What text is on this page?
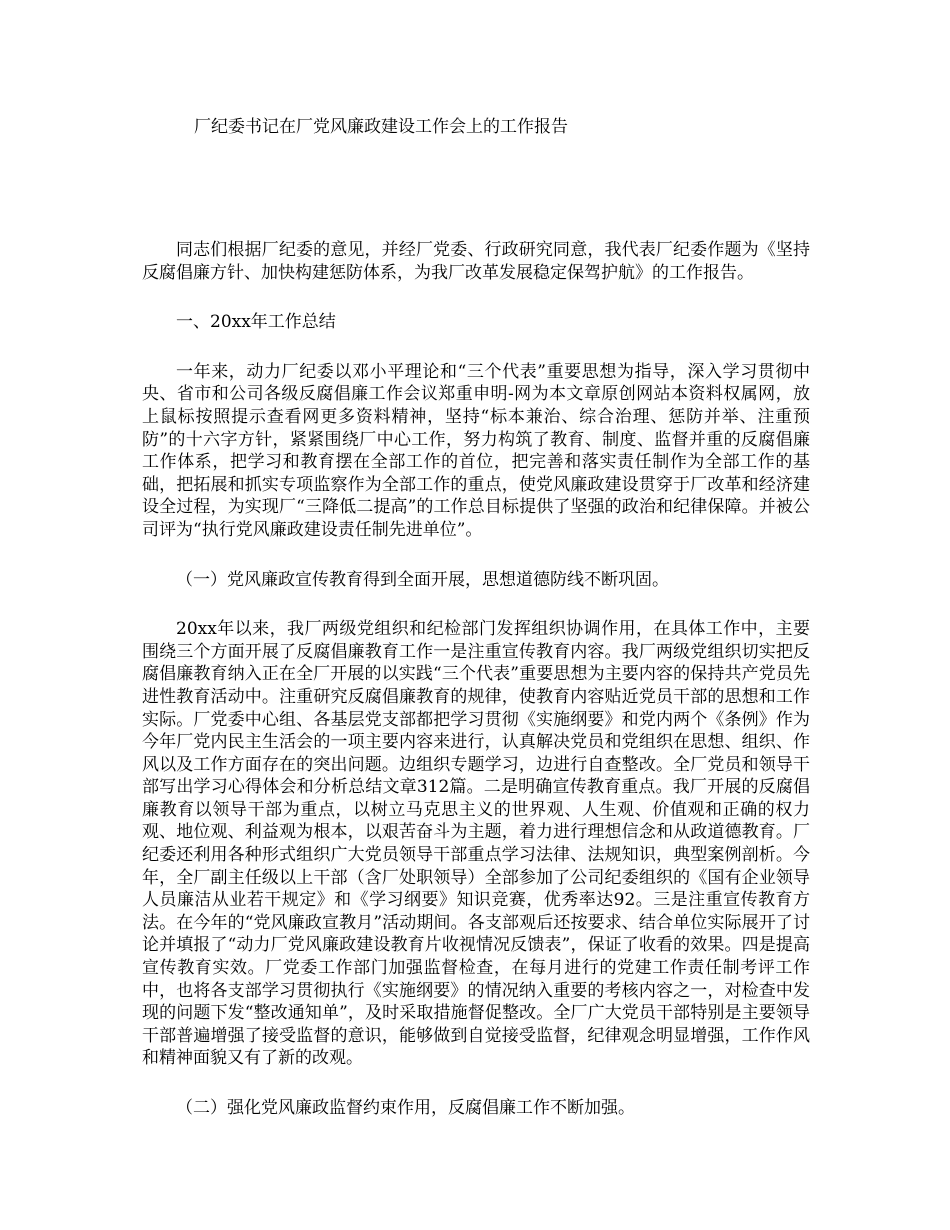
厂纪委书记在厂党风廉政建设工作会上的工作报告

同志们根据厂纪委的意见，并经厂党委、行政研究同意，我代表厂纪委作题为《坚持反腐倡廉方针、加快构建惩防体系，为我厂改革发展稳定保驾护航》的工作报告。

一、20xx年工作总结

一年来，动力厂纪委以邓小平理论和“三个代表”重要思想为指导，深入学习贯彻中央、省市和公司各级反腐倡廉工作会议郑重申明-网为本文章原创网站本资料权属网，放上鼠标按照提示查看网更多资料精神，坚持“标本兼治、综合治理、惩防并举、注重预防”的十六字方针，紧紧围绕厂中心工作，努力构筑了教育、制度、监督并重的反腐倡廉工作体系，把学习和教育摆在全部工作的首位，把完善和落实责任制作为全部工作的基础，把拓展和抓实专项监察作为全部工作的重点，使党风廉政建设贯穿于厂改革和经济建设全过程，为实现厂“三降低二提高”的工作总目标提供了坚强的政治和纪律保障。并被公司评为“执行党风廉政建设责任制先进单位”。

（一）党风廉政宣传教育得到全面开展，思想道德防线不断巩固。

20xx年以来，我厂两级党组织和纪检部门发挥组织协调作用，在具体工作中，主要围绕三个方面开展了反腐倡廉教育工作一是注重宣传教育内容。我厂两级党组织切实把反腐倡廉教育纳入正在全厂开展的以实践“三个代表”重要思想为主要内容的保持共产党员先进性教育活动中。注重研究反腐倡廉教育的规律，使教育内容贴近党员干部的思想和工作实际。厂党委中心组、各基层党支部都把学习贯彻《实施纲要》和党内两个《条例》作为今年厂党内民主生活会的一项主要内容来进行，认真解决党员和党组织在思想、组织、作风以及工作方面存在的突出问题。边组织专题学习，边进行自查整改。全厂党员和领导干部写出学习心得体会和分析总结文章312篇。二是明确宣传教育重点。我厂开展的反腐倡廉教育以领导干部为重点，以树立马克思主义的世界观、人生观、价值观和正确的权力观、地位观、利益观为根本，以艰苦奋斗为主题，着力进行理想信念和从政道德教育。厂纪委还利用各种形式组织广大党员领导干部重点学习法律、法规知识，典型案例剖析。今年，全厂副主任级以上干部（含厂处职领导）全部参加了公司纪委组织的《国有企业领导人员廉洁从业若干规定》和《学习纲要》知识竞赛，优秀率达92。三是注重宣传教育方法。在今年的“党风廉政宣教月”活动期间。各支部观后还按要求、结合单位实际展开了讨论并填报了“动力厂党风廉政建设教育片收视情况反馈表”，保证了收看的效果。四是提高宣传教育实效。厂党委工作部门加强监督检查，在每月进行的党建工作责任制考评工作中，也将各支部学习贯彻执行《实施纲要》的情况纳入重要的考核内容之一，对检查中发现的问题下发“整改通知单”，及时采取措施督促整改。全厂广大党员干部特别是主要领导干部普遍增强了接受监督的意识，能够做到自觉接受监督，纪律观念明显增强，工作作风和精神面貌又有了新的改观。

（二）强化党风廉政监督约束作用，反腐倡廉工作不断加强。
